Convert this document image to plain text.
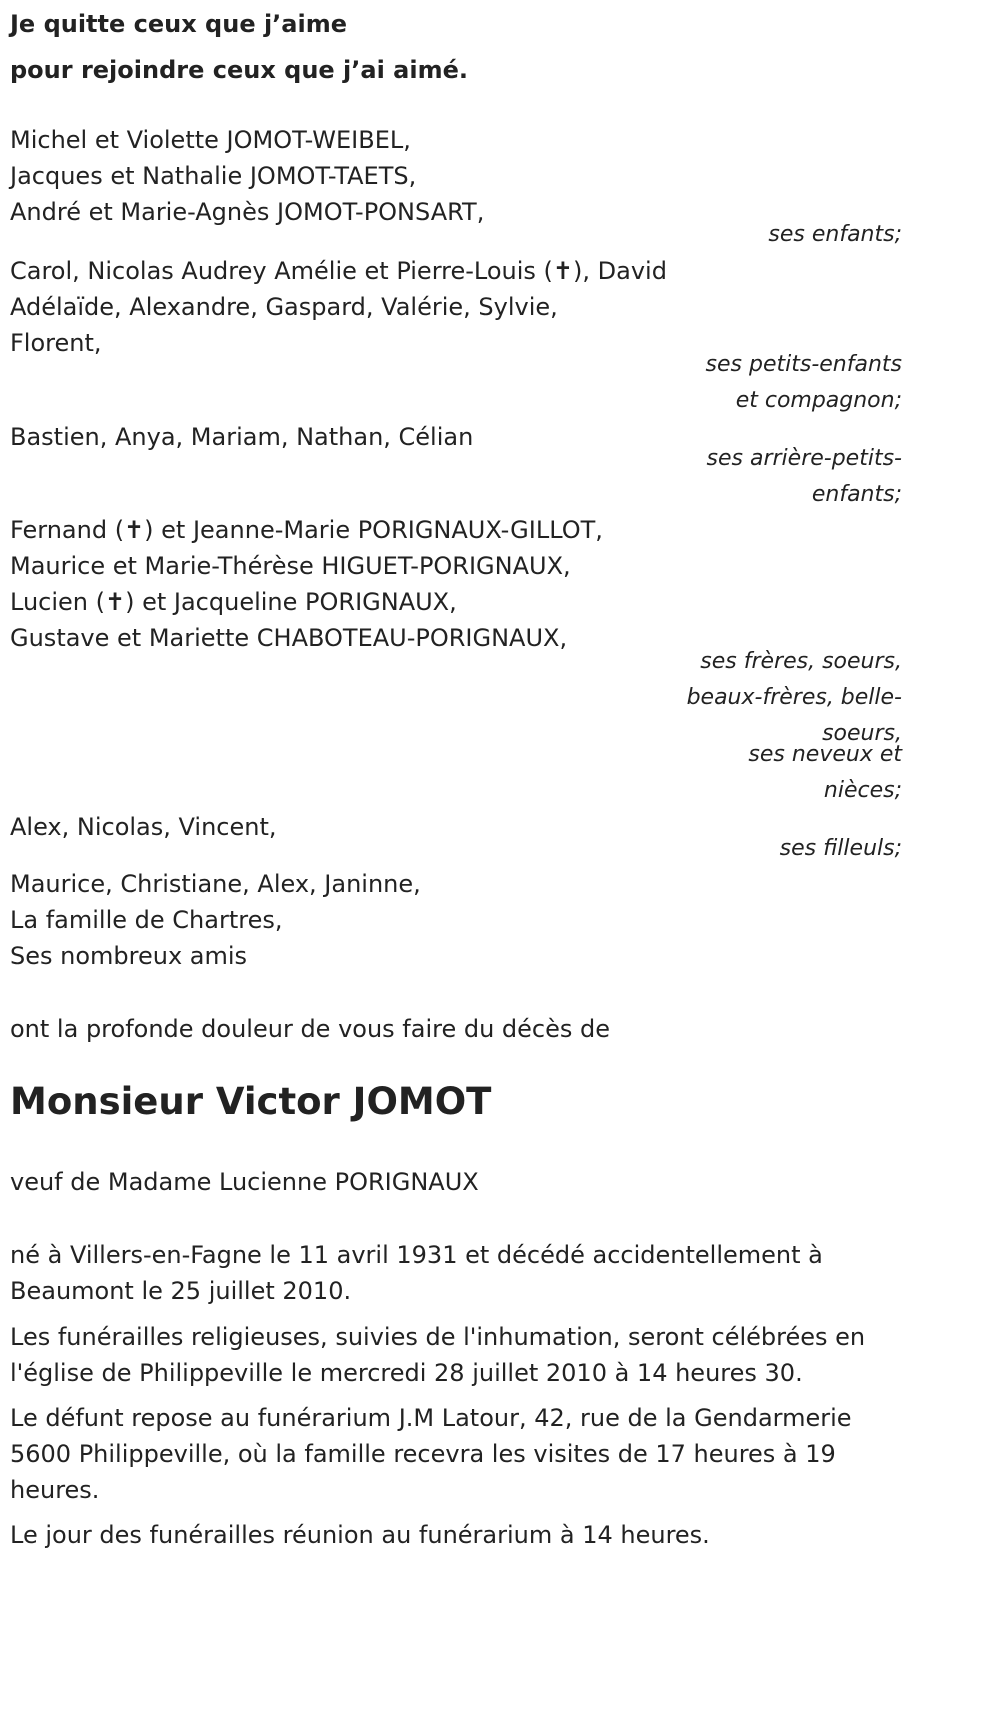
Je quitte ceux que j’aime

pour rejoindre ceux que j’ai aimé.

Michel et Violette JOMOT-WEIBEL,
Jacques et Nathalie JOMOT-TAETS,
André et Marie-Agnès JOMOT-PONSART,
ses enfants;
Carol, Nicolas Audrey Amélie et Pierre-Louis (✝), David
Adélaïde, Alexandre, Gaspard, Valérie, Sylvie,
Florent,
ses petits-enfants
et compagnon;
Bastien, Anya, Mariam, Nathan, Célian
ses arrière-petits-
enfants;
Fernand (✝) et Jeanne-Marie PORIGNAUX-GILLOT,
Maurice et Marie-Thérèse HIGUET-PORIGNAUX,
Lucien (✝) et Jacqueline PORIGNAUX,
Gustave et Mariette CHABOTEAU-PORIGNAUX,
ses frères, soeurs,
beaux-frères, belle-
soeurs,
ses neveux et
nièces;
Alex, Nicolas, Vincent,
ses filleuls;
Maurice, Christiane, Alex, Janinne,
La famille de Chartres,
Ses nombreux amis

ont la profonde douleur de vous faire du décès de

Monsieur Victor JOMOT

veuf de Madame Lucienne PORIGNAUX

né à Villers-en-Fagne le 11 avril 1931 et décédé accidentellement à
Beaumont le 25 juillet 2010.
Les funérailles religieuses, suivies de l'inhumation, seront célébrées en
l'église de Philippeville le mercredi 28 juillet 2010 à 14 heures 30.
Le défunt repose au funérarium J.M Latour, 42, rue de la Gendarmerie
5600 Philippeville, où la famille recevra les visites de 17 heures à 19
heures.
Le jour des funérailles réunion au funérarium à 14 heures.
